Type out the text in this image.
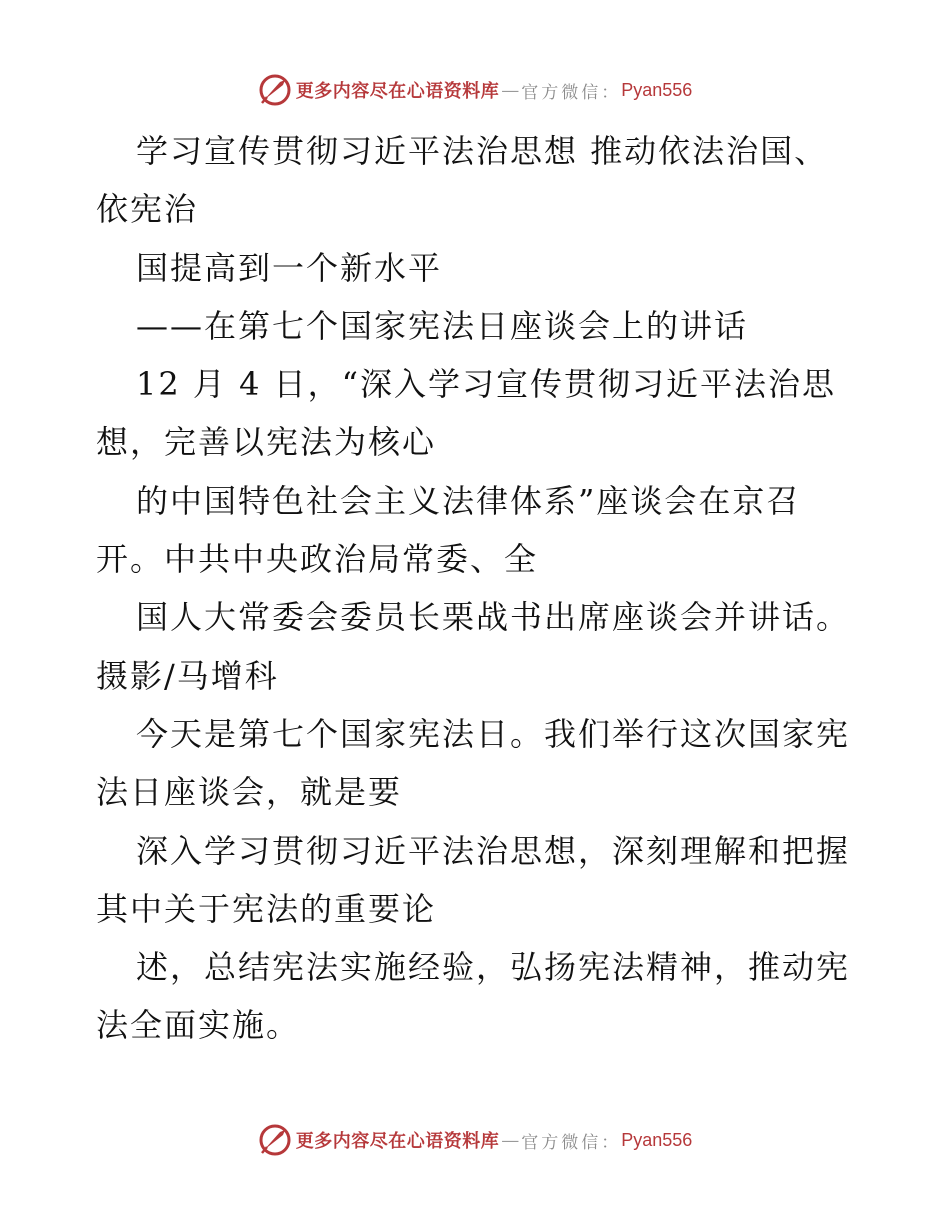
更多内容尽在心语资料库 — 官方微信： Pyan556
学习宣传贯彻习近平法治思想 推动依法治国、
依宪治
国提高到一个新水平
——在第七个国家宪法日座谈会上的讲话
12 月 4 日，“深入学习宣传贯彻习近平法治思
想，完善以宪法为核心
的中国特色社会主义法律体系”座谈会在京召
开。中共中央政治局常委、全
国人大常委会委员长栗战书出席座谈会并讲话。
摄影/马增科
今天是第七个国家宪法日。我们举行这次国家宪
法日座谈会，就是要
深入学习贯彻习近平法治思想，深刻理解和把握
其中关于宪法的重要论
述，总结宪法实施经验，弘扬宪法精神，推动宪
法全面实施。
更多内容尽在心语资料库 — 官方微信： Pyan556
